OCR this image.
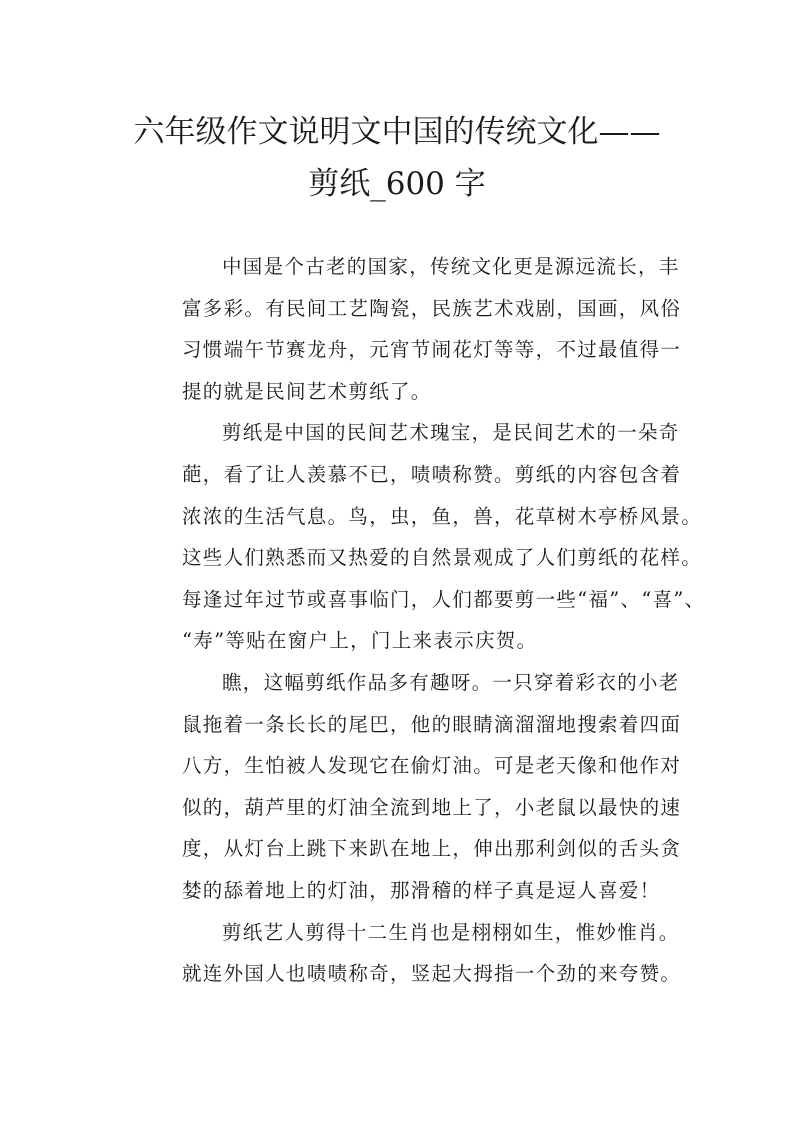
六年级作文说明文中国的传统文化——
剪纸_600 字
中国是个古老的国家，传统文化更是源远流长，丰
富多彩。有民间工艺陶瓷，民族艺术戏剧，国画，风俗
习惯端午节赛龙舟，元宵节闹花灯等等，不过最值得一
提的就是民间艺术剪纸了。
剪纸是中国的民间艺术瑰宝，是民间艺术的一朵奇
葩，看了让人羡慕不已，啧啧称赞。剪纸的内容包含着
浓浓的生活气息。鸟，虫，鱼，兽，花草树木亭桥风景。
这些人们熟悉而又热爱的自然景观成了人们剪纸的花样。
每逢过年过节或喜事临门，人们都要剪一些“福”、“喜”、
“寿”等贴在窗户上，门上来表示庆贺。
瞧，这幅剪纸作品多有趣呀。一只穿着彩衣的小老
鼠拖着一条长长的尾巴，他的眼睛滴溜溜地搜索着四面
八方，生怕被人发现它在偷灯油。可是老天像和他作对
似的，葫芦里的灯油全流到地上了，小老鼠以最快的速
度，从灯台上跳下来趴在地上，伸出那利剑似的舌头贪
婪的舔着地上的灯油，那滑稽的样子真是逗人喜爱！
剪纸艺人剪得十二生肖也是栩栩如生，惟妙惟肖。
就连外国人也啧啧称奇，竖起大拇指一个劲的来夸赞。
